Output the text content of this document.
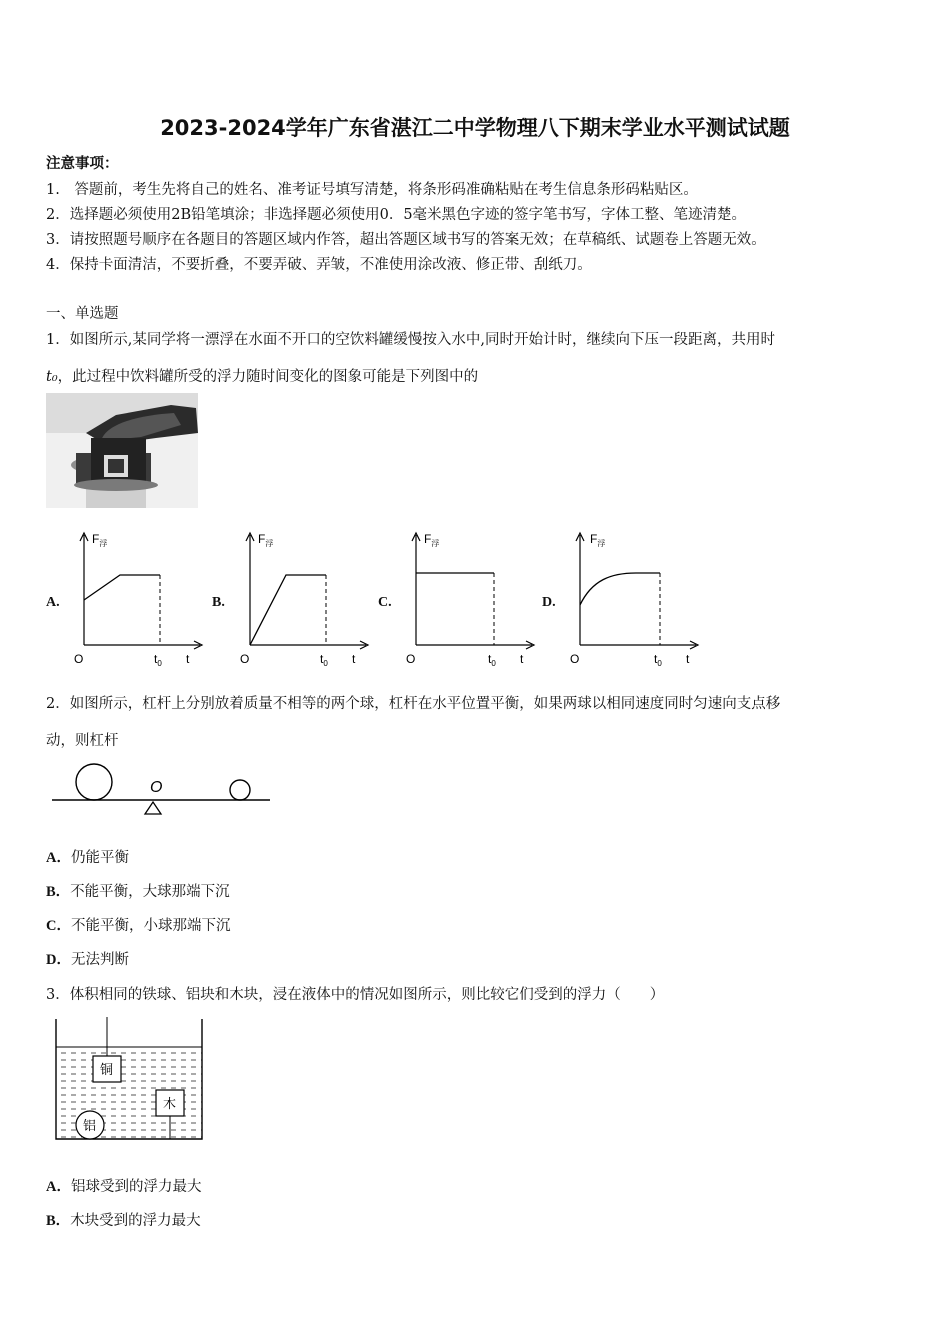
2023-2024学年广东省湛江二中学物理八下期末学业水平测试试题
注意事项：
1.　答题前，考生先将自己的姓名、准考证号填写清楚，将条形码准确粘贴在考生信息条形码粘贴区。
2．选择题必须使用2B铅笔填涂；非选择题必须使用0．5毫米黑色字迹的签字笔书写，字体工整、笔迹清楚。
3．请按照题号顺序在各题目的答题区域内作答，超出答题区域书写的答案无效；在草稿纸、试题卷上答题无效。
4．保持卡面清洁，不要折叠，不要弄破、弄皱，不准使用涂改液、修正带、刮纸刀。
一、单选题
1．如图所示,某同学将一漂浮在水面不开口的空饮料罐缓慢按入水中,同时开始计时，继续向下压一段距离，共用时
t₀，此过程中饮料罐所受的浮力随时间变化的图象可能是下列图中的
A.	B.	C.	D.
$F_浮$
O	$t_0$ t
$F_浮$
O	$t_0$ t
$F_浮$
O	$t_0$ t
$F_浮$
O	$t_0$ t
2．如图所示，杠杆上分别放着质量不相等的两个球，杠杆在水平位置平衡，如果两球以相同速度同时匀速向支点移
动，则杠杆
O
A．仍能平衡
B．不能平衡，大球那端下沉
C．不能平衡，小球那端下沉
D．无法判断
3．体积相同的铁球、铝块和木块，浸在液体中的情况如图所示，则比较它们受到的浮力（　　）
铜
木
铝
A．铝球受到的浮力最大
B．木块受到的浮力最大
